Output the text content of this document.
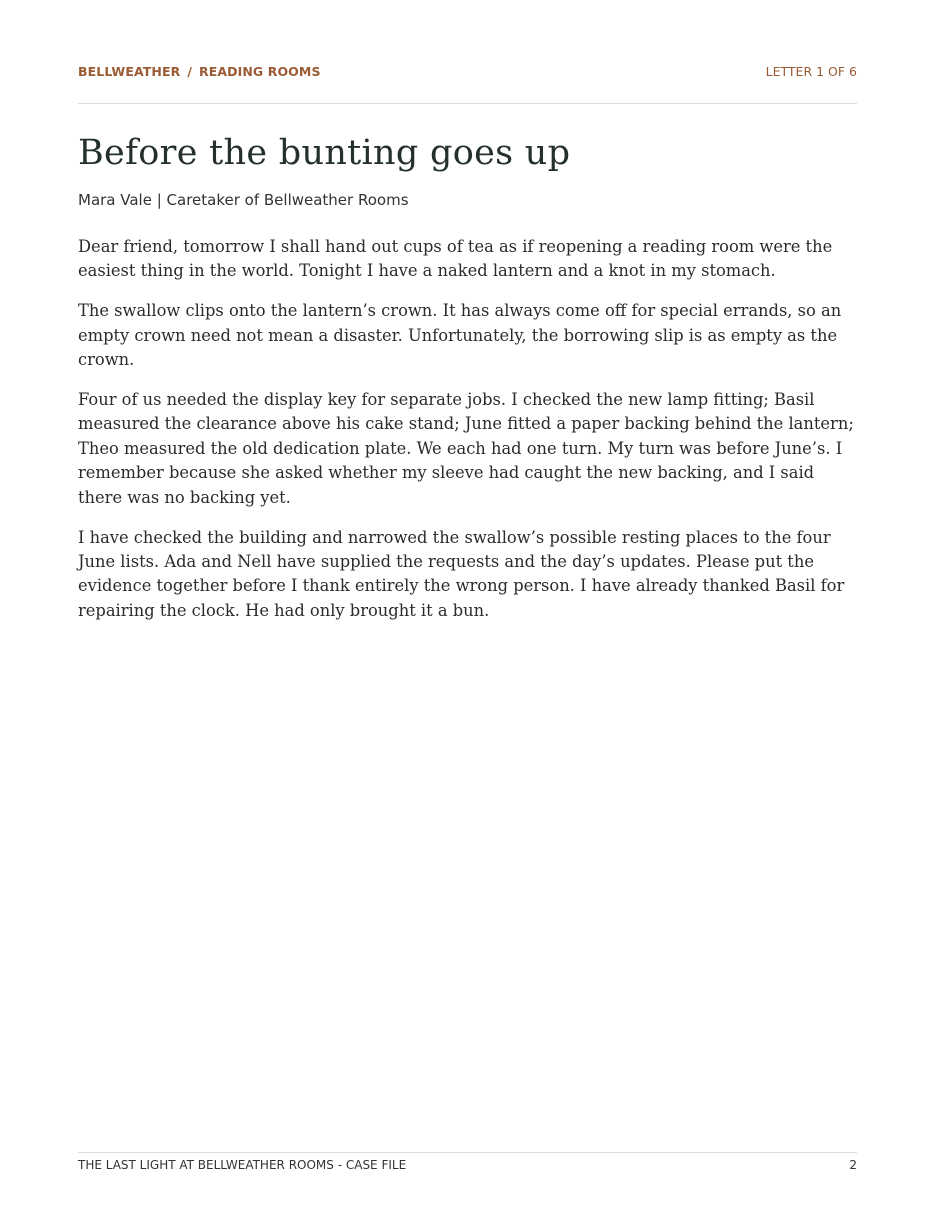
BELLWEATHER / READING ROOMS	LETTER 1 OF 6
Before the bunting goes up
Mara Vale | Caretaker of Bellweather Rooms

Dear friend, tomorrow I shall hand out cups of tea as if reopening a reading room were the easiest thing in the world. Tonight I have a naked lantern and a knot in my stomach.

The swallow clips onto the lantern’s crown. It has always come off for special errands, so an empty crown need not mean a disaster. Unfortunately, the borrowing slip is as empty as the crown.

Four of us needed the display key for separate jobs. I checked the new lamp fitting; Basil measured the clearance above his cake stand; June fitted a paper backing behind the lantern; Theo measured the old dedication plate. We each had one turn. My turn was before June’s. I remember because she asked whether my sleeve had caught the new backing, and I said there was no backing yet.

I have checked the building and narrowed the swallow’s possible resting places to the four June lists. Ada and Nell have supplied the requests and the day’s updates. Please put the evidence together before I thank entirely the wrong person. I have already thanked Basil for repairing the clock. He had only brought it a bun.

THE LAST LIGHT AT BELLWEATHER ROOMS - CASE FILE	2
